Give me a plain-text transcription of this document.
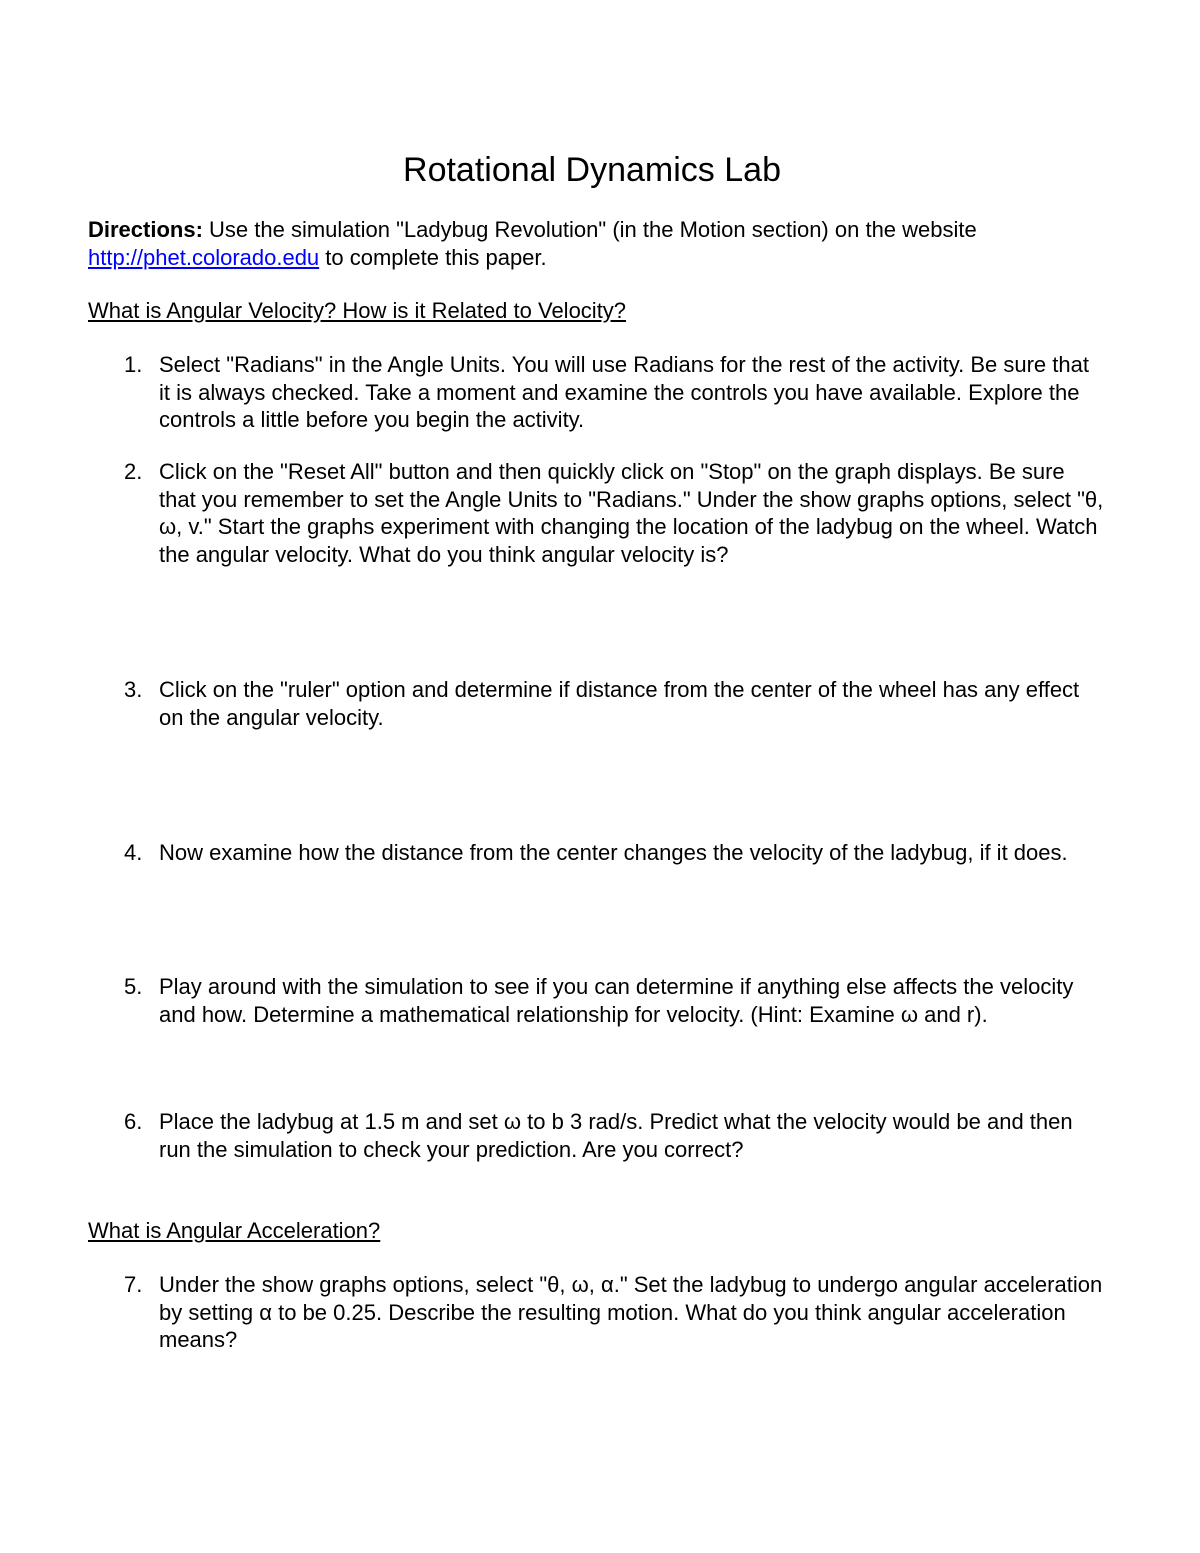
Rotational Dynamics Lab
Directions: Use the simulation "Ladybug Revolution" (in the Motion section) on the website
http://phet.colorado.edu to complete this paper.
What is Angular Velocity? How is it Related to Velocity?
1. Select "Radians" in the Angle Units. You will use Radians for the rest of the activity. Be sure that it is always checked. Take a moment and examine the controls you have available. Explore the controls a little before you begin the activity.
2. Click on the "Reset All" button and then quickly click on "Stop" on the graph displays. Be sure that you remember to set the Angle Units to "Radians." Under the show graphs options, select "θ, ω, v." Start the graphs experiment with changing the location of the ladybug on the wheel. Watch the angular velocity. What do you think angular velocity is?
3. Click on the "ruler" option and determine if distance from the center of the wheel has any effect on the angular velocity.
4. Now examine how the distance from the center changes the velocity of the ladybug, if it does.
5. Play around with the simulation to see if you can determine if anything else affects the velocity and how. Determine a mathematical relationship for velocity. (Hint: Examine ω and r).
6. Place the ladybug at 1.5 m and set ω to b 3 rad/s. Predict what the velocity would be and then run the simulation to check your prediction. Are you correct?
What is Angular Acceleration?
7. Under the show graphs options, select "θ, ω, α." Set the ladybug to undergo angular acceleration by setting α to be 0.25. Describe the resulting motion. What do you think angular acceleration means?
